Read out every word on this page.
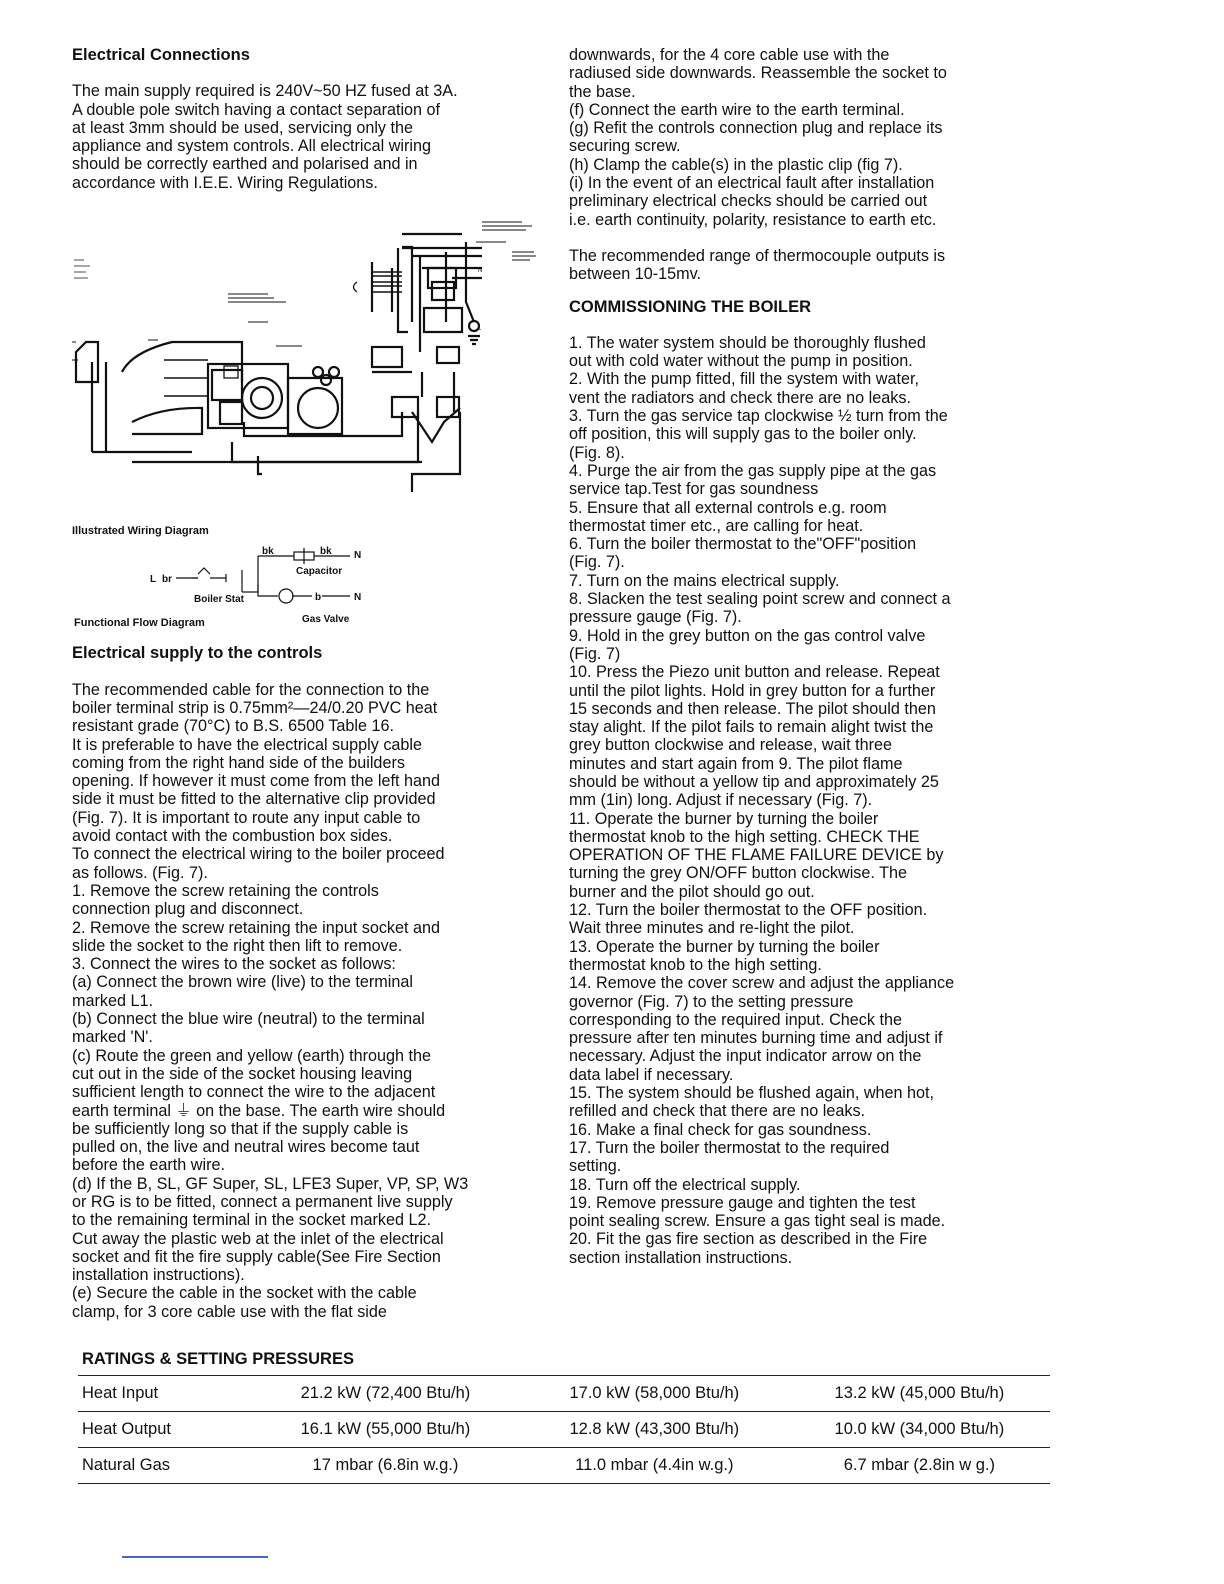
Electrical Connections

The main supply required is 240V~50 HZ fused at 3A.
A double pole switch having a contact separation of
at least 3mm should be used, servicing only the
appliance and system controls. All electrical wiring
should be correctly earthed and polarised and in
accordance with I.E.E. Wiring Regulations.
N
L
Illustrated Wiring Diagram
bk	bk N
L br
Capacitor
Boiler Stat	b	N
Gas Valve
Functional Flow Diagram

Electrical supply to the controls

The recommended cable for the connection to the
boiler terminal strip is 0.75mm²—24/0.20 PVC heat
resistant grade (70°C) to B.S. 6500 Table 16.
It is preferable to have the electrical supply cable
coming from the right hand side of the builders
opening. If however it must come from the left hand
side it must be fitted to the alternative clip provided
(Fig. 7). It is important to route any input cable to
avoid contact with the combustion box sides.
To connect the electrical wiring to the boiler proceed
as follows. (Fig. 7).
1. Remove the screw retaining the controls
connection plug and disconnect.
2. Remove the screw retaining the input socket and
slide the socket to the right then lift to remove.
3. Connect the wires to the socket as follows:
(a) Connect the brown wire (live) to the terminal
marked L1.
(b) Connect the blue wire (neutral) to the terminal
marked 'N'.
(c) Route the green and yellow (earth) through the
cut out in the side of the socket housing leaving
sufficient length to connect the wire to the adjacent
earth terminal ⏚ on the base. The earth wire should
be sufficiently long so that if the supply cable is
pulled on, the live and neutral wires become taut
before the earth wire.
(d) If the B, SL, GF Super, SL, LFE3 Super, VP, SP, W3
or RG is to be fitted, connect a permanent live supply
to the remaining terminal in the socket marked L2.
Cut away the plastic web at the inlet of the electrical
socket and fit the fire supply cable(See Fire Section
installation instructions).
(e) Secure the cable in the socket with the cable
clamp, for 3 core cable use with the flat side
downwards, for the 4 core cable use with the
radiused side downwards. Reassemble the socket to
the base.
(f) Connect the earth wire to the earth terminal.
(g) Refit the controls connection plug and replace its
securing screw.
(h) Clamp the cable(s) in the plastic clip (fig 7).
(i) In the event of an electrical fault after installation
preliminary electrical checks should be carried out
i.e. earth continuity, polarity, resistance to earth etc.
The recommended range of thermocouple outputs is
between 10-15mv.

COMMISSIONING THE BOILER

1. The water system should be thoroughly flushed
out with cold water without the pump in position.
2. With the pump fitted, fill the system with water,
vent the radiators and check there are no leaks.
3. Turn the gas service tap clockwise ½ turn from the
off position, this will supply gas to the boiler only.
(Fig. 8).
4. Purge the air from the gas supply pipe at the gas
service tap.Test for gas soundness
5. Ensure that all external controls e.g. room
thermostat timer etc., are calling for heat.
6. Turn the boiler thermostat to the"OFF"position
(Fig. 7).
7. Turn on the mains electrical supply.
8. Slacken the test sealing point screw and connect a
pressure gauge (Fig. 7).
9. Hold in the grey button on the gas control valve
(Fig. 7)
10. Press the Piezo unit button and release. Repeat
until the pilot lights. Hold in grey button for a further
15 seconds and then release. The pilot should then
stay alight. If the pilot fails to remain alight twist the
grey button clockwise and release, wait three
minutes and start again from 9. The pilot flame
should be without a yellow tip and approximately 25
mm (1in) long. Adjust if necessary (Fig. 7).
11. Operate the burner by turning the boiler
thermostat knob to the high setting. CHECK THE
OPERATION OF THE FLAME FAILURE DEVICE by
turning the grey ON/OFF button clockwise. The
burner and the pilot should go out.
12. Turn the boiler thermostat to the OFF position.
Wait three minutes and re-light the pilot.
13. Operate the burner by turning the boiler
thermostat knob to the high setting.
14. Remove the cover screw and adjust the appliance
governor (Fig. 7) to the setting pressure
corresponding to the required input. Check the
pressure after ten minutes burning time and adjust if
necessary. Adjust the input indicator arrow on the
data label if necessary.
15. The system should be flushed again, when hot,
refilled and check that there are no leaks.
16. Make a final check for gas soundness.
17. Turn the boiler thermostat to the required
setting.
18. Turn off the electrical supply.
19. Remove pressure gauge and tighten the test
point sealing screw. Ensure a gas tight seal is made.
20. Fit the gas fire section as described in the Fire
section installation instructions.
RATINGS & SETTING PRESSURES
Heat Input	21.2 kW (72,400 Btu/h)	17.0 kW (58,000 Btu/h)	13.2 kW (45,000 Btu/h)
Heat Output	16.1 kW (55,000 Btu/h)	12.8 kW (43,300 Btu/h)	10.0 kW (34,000 Btu/h)
Natural Gas	17 mbar (6.8in w.g.)	11.0 mbar (4.4in w.g.)	6.7 mbar (2.8in w g.)
